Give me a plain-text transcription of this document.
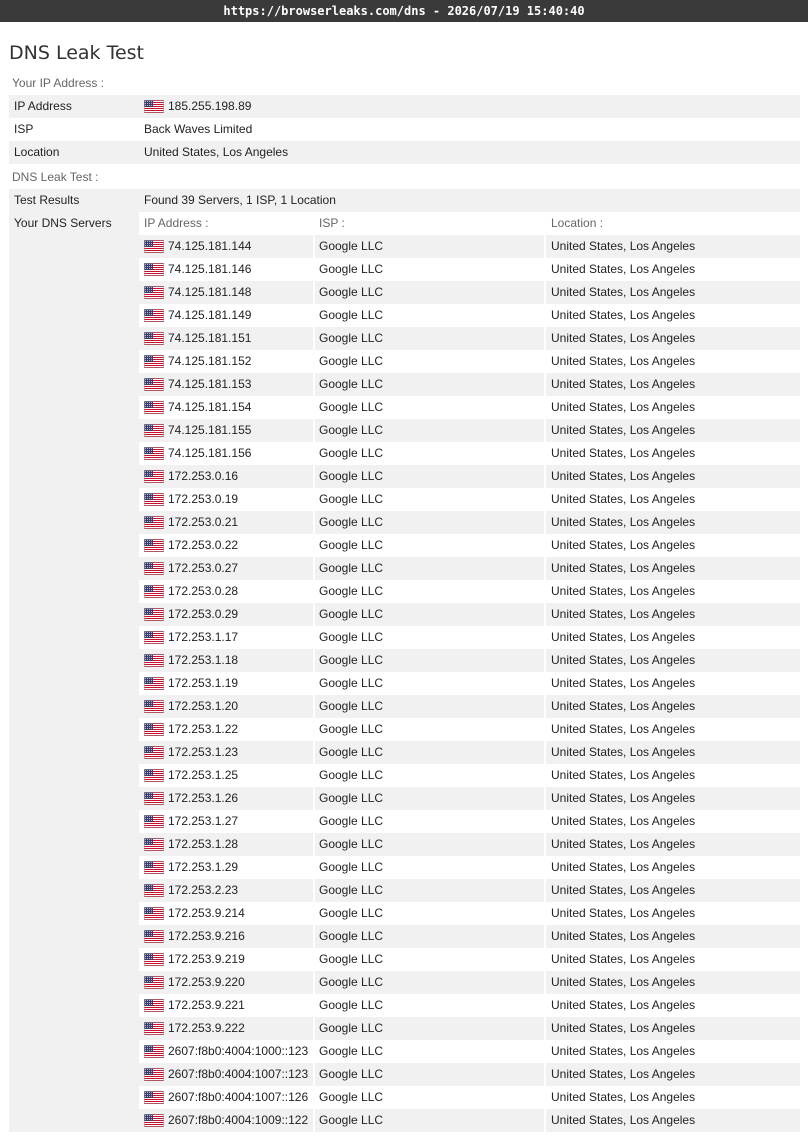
https://browserleaks.com/dns - 2026/07/19 15:40:40
DNS Leak Test
Your IP Address :
IP Address	185.255.198.89
ISP	Back Waves Limited
Location	United States, Los Angeles
DNS Leak Test :
Test Results	Found 39 Servers, 1 ISP, 1 Location
Your DNS Servers	IP Address :	ISP :	Location :
74.125.181.144	Google LLC	United States, Los Angeles
74.125.181.146	Google LLC	United States, Los Angeles
74.125.181.148	Google LLC	United States, Los Angeles
74.125.181.149	Google LLC	United States, Los Angeles
74.125.181.151	Google LLC	United States, Los Angeles
74.125.181.152	Google LLC	United States, Los Angeles
74.125.181.153	Google LLC	United States, Los Angeles
74.125.181.154	Google LLC	United States, Los Angeles
74.125.181.155	Google LLC	United States, Los Angeles
74.125.181.156	Google LLC	United States, Los Angeles
172.253.0.16	Google LLC	United States, Los Angeles
172.253.0.19	Google LLC	United States, Los Angeles
172.253.0.21	Google LLC	United States, Los Angeles
172.253.0.22	Google LLC	United States, Los Angeles
172.253.0.27	Google LLC	United States, Los Angeles
172.253.0.28	Google LLC	United States, Los Angeles
172.253.0.29	Google LLC	United States, Los Angeles
172.253.1.17	Google LLC	United States, Los Angeles
172.253.1.18	Google LLC	United States, Los Angeles
172.253.1.19	Google LLC	United States, Los Angeles
172.253.1.20	Google LLC	United States, Los Angeles
172.253.1.22	Google LLC	United States, Los Angeles
172.253.1.23	Google LLC	United States, Los Angeles
172.253.1.25	Google LLC	United States, Los Angeles
172.253.1.26	Google LLC	United States, Los Angeles
172.253.1.27	Google LLC	United States, Los Angeles
172.253.1.28	Google LLC	United States, Los Angeles
172.253.1.29	Google LLC	United States, Los Angeles
172.253.2.23	Google LLC	United States, Los Angeles
172.253.9.214	Google LLC	United States, Los Angeles
172.253.9.216	Google LLC	United States, Los Angeles
172.253.9.219	Google LLC	United States, Los Angeles
172.253.9.220	Google LLC	United States, Los Angeles
172.253.9.221	Google LLC	United States, Los Angeles
172.253.9.222	Google LLC	United States, Los Angeles
2607:f8b0:4004:1000::123 Google LLC	United States, Los Angeles
2607:f8b0:4004:1007::123 Google LLC	United States, Los Angeles
2607:f8b0:4004:1007::126 Google LLC	United States, Los Angeles
2607:f8b0:4004:1009::122 Google LLC	United States, Los Angeles
